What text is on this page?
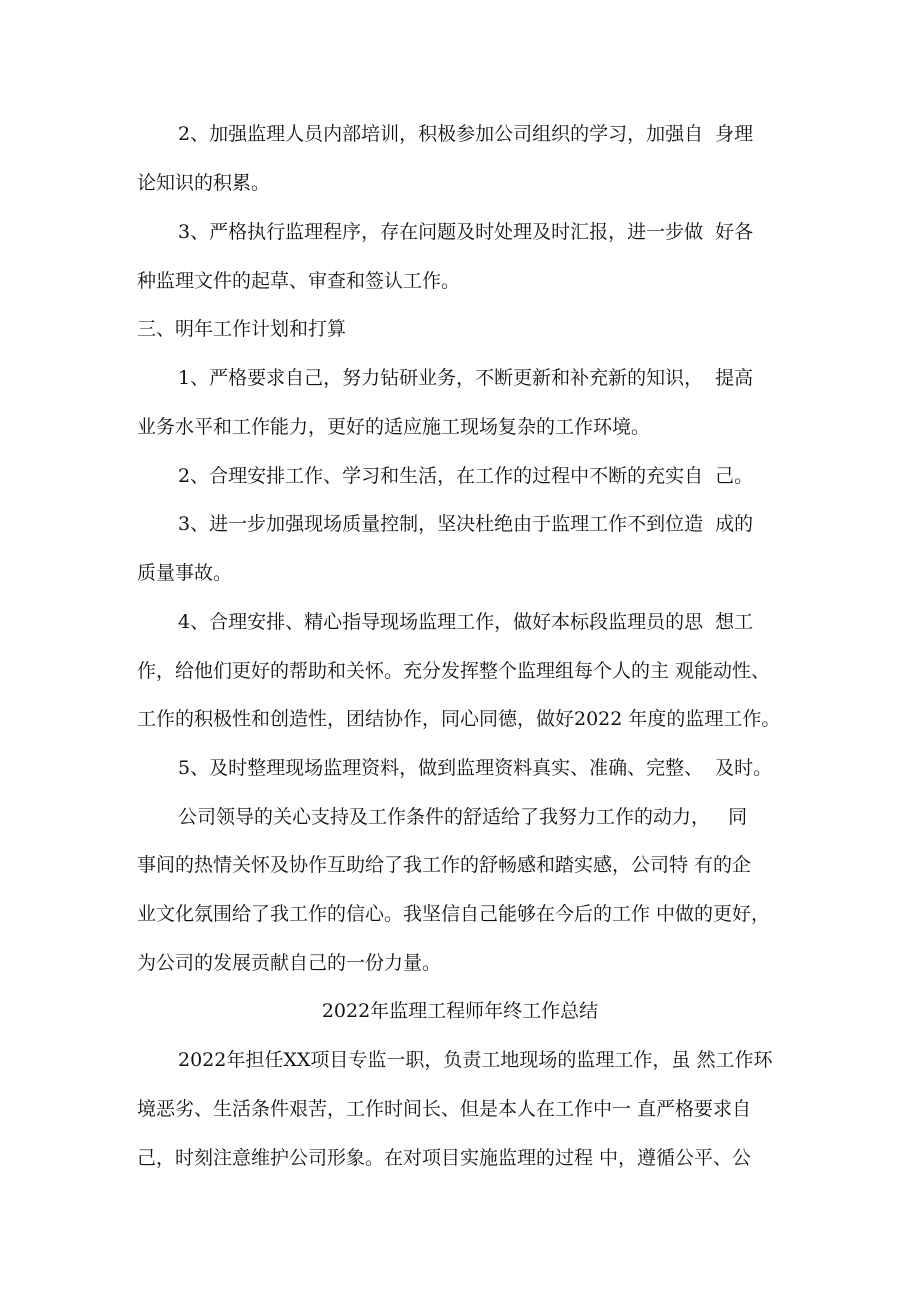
2、加强监理人员内部培训，积极参加公司组织的学习，加强自  身理
论知识的积累。
3、严格执行监理程序，存在问题及时处理及时汇报，进一步做  好各
种监理文件的起草、审查和签认工作。
三、明年工作计划和打算
1、严格要求自己，努力钻研业务，不断更新和补充新的知识，  提高
业务水平和工作能力，更好的适应施工现场复杂的工作环境。
2、合理安排工作、学习和生活，在工作的过程中不断的充实自  己。
3、进一步加强现场质量控制，坚决杜绝由于监理工作不到位造  成的
质量事故。
4、合理安排、精心指导现场监理工作，做好本标段监理员的思  想工
作，给他们更好的帮助和关怀。充分发挥整个监理组每个人的主 观能动性、
工作的积极性和创造性，团结协作，同心同德，做好2022 年度的监理工作。
5、及时整理现场监理资料，做到监理资料真实、准确、完整、  及时。
公司领导的关心支持及工作条件的舒适给了我努力工作的动力，   同
事间的热情关怀及协作互助给了我工作的舒畅感和踏实感，公司特 有的企
业文化氛围给了我工作的信心。我坚信自己能够在今后的工作 中做的更好，
为公司的发展贡献自己的一份力量。
2022年监理工程师年终工作总结
2022年担任XX项目专监一职，负责工地现场的监理工作，虽 然工作环
境恶劣、生活条件艰苦，工作时间长、但是本人在工作中一 直严格要求自
己，时刻注意维护公司形象。在对项目实施监理的过程 中，遵循公平、公
